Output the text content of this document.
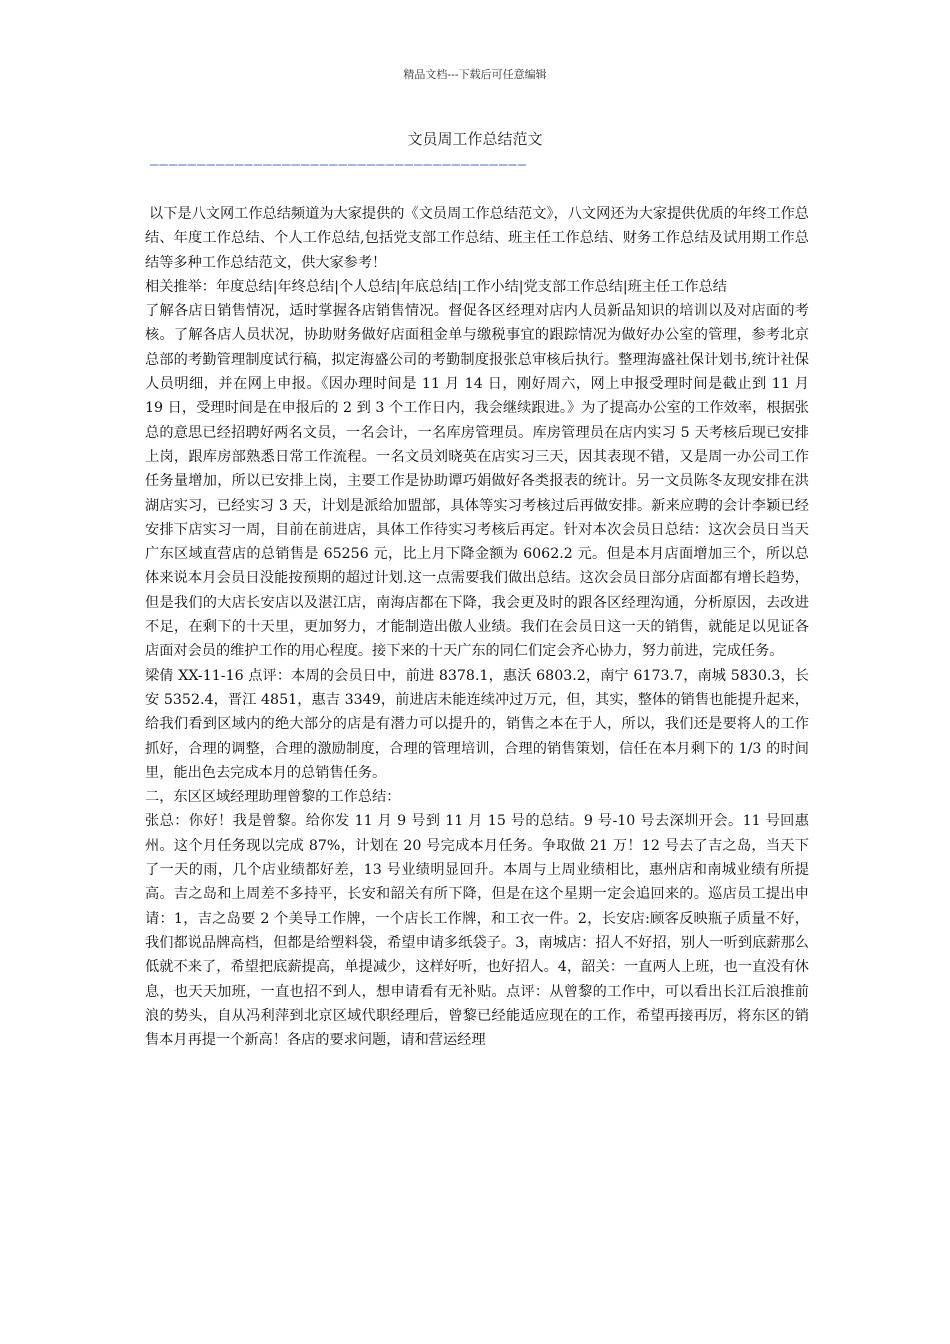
精品文档---下载后可任意编辑
文员周工作总结范文
————————————————————————————————————————

以下是八文网工作总结频道为大家提供的《文员周工作总结范文》，八文网还为大家提供优质的年终工作总结、年度工作总结、个人工作总结,包括党支部工作总结、班主任工作总结、财务工作总结及试用期工作总结等多种工作总结范文，供大家参考！

相关推举：年度总结|年终总结|个人总结|年底总结|工作小结|党支部工作总结|班主任工作总结

了解各店日销售情况，适时掌握各店销售情况。督促各区经理对店内人员新品知识的培训以及对店面的考核。了解各店人员状况，协助财务做好店面租金单与缴税事宜的跟踪情况为做好办公室的管理，参考北京总部的考勤管理制度试行稿，拟定海盛公司的考勤制度报张总审核后执行。整理海盛社保计划书,统计社保人员明细，并在网上申报。《因办理时间是 11 月 14 日，刚好周六，网上申报受理时间是截止到 11 月 19 日，受理时间是在申报后的 2 到 3 个工作日内，我会继续跟进。》为了提高办公室的工作效率，根据张总的意思已经招聘好两名文员，一名会计，一名库房管理员。库房管理员在店内实习 5 天考核后现已安排上岗，跟库房部熟悉日常工作流程。一名文员刘晓英在店实习三天，因其表现不错，又是周一办公司工作任务量增加，所以已安排上岗，主要工作是协助谭巧娟做好各类报表的统计。另一文员陈冬友现安排在洪湖店实习，已经实习 3 天，计划是派给加盟部，具体等实习考核过后再做安排。新来应聘的会计李颖已经安排下店实习一周，目前在前进店，具体工作待实习考核后再定。针对本次会员日总结：这次会员日当天广东区域直营店的总销售是 65256 元，比上月下降金额为 6062.2 元。但是本月店面增加三个，所以总体来说本月会员日没能按预期的超过计划.这一点需要我们做出总结。这次会员日部分店面都有增长趋势，但是我们的大店长安店以及湛江店，南海店都在下降，我会更及时的跟各区经理沟通，分析原因，去改进不足，在剩下的十天里，更加努力，才能制造出傲人业绩。我们在会员日这一天的销售，就能足以见证各店面对会员的维护工作的用心程度。接下来的十天广东的同仁们定会齐心协力，努力前进，完成任务。

梁倩 XX-11-16 点评：本周的会员日中，前进 8378.1，惠沃 6803.2，南宁 6173.7，南城 5830.3，长安 5352.4，晋江 4851，惠吉 3349，前进店未能连续冲过万元，但，其实，整体的销售也能提升起来，给我们看到区域内的绝大部分的店是有潜力可以提升的，销售之本在于人，所以，我们还是要将人的工作抓好，合理的调整，合理的激励制度，合理的管理培训，合理的销售策划，信任在本月剩下的 1/3 的时间里，能出色去完成本月的总销售任务。

二，东区区域经理助理曾黎的工作总结：

张总：你好！我是曾黎。给你发 11 月 9 号到 11 月 15 号的总结。9 号-10 号去深圳开会。11 号回惠州。这个月任务现以完成 87%，计划在 20 号完成本月任务。争取做 21 万！12 号去了吉之岛，当天下了一天的雨，几个店业绩都好差，13 号业绩明显回升。本周与上周业绩相比，惠州店和南城业绩有所提高。吉之岛和上周差不多持平，长安和韶关有所下降，但是在这个星期一定会追回来的。巡店员工提出申请：1，吉之岛要 2 个美导工作牌，一个店长工作牌，和工衣一件。2，长安店:顾客反映瓶子质量不好，我们都说品牌高档，但都是给塑料袋，希望申请多纸袋子。3，南城店：招人不好招，别人一听到底薪那么低就不来了，希望把底薪提高，单提减少，这样好听，也好招人。4，韶关：一直两人上班，也一直没有休息，也天天加班，一直也招不到人，想申请看有无补贴。点评：从曾黎的工作中，可以看出长江后浪推前浪的势头，自从冯利萍到北京区域代职经理后，曾黎已经能适应现在的工作，希望再接再厉，将东区的销售本月再提一个新高！各店的要求问题，请和营运经理
